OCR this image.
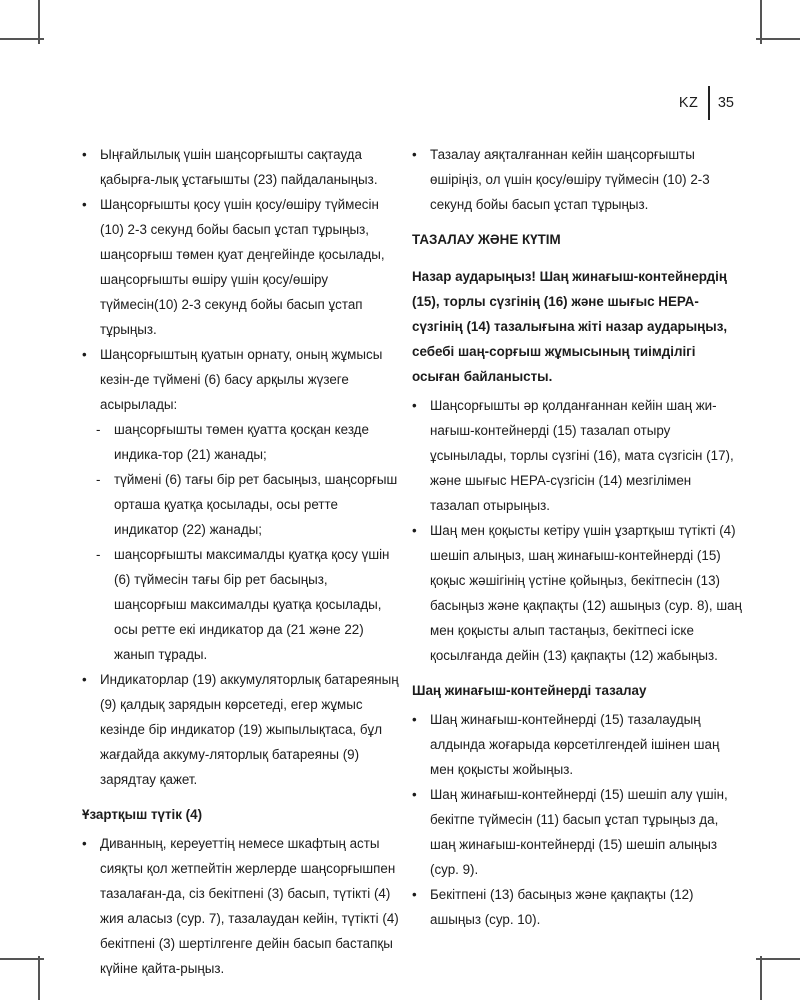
KZ	35
• Ыңғайлылық үшін шаңсорғышты сақтауда қабырға-лық ұстағышты (23) пайдаланыңыз.
• Шаңсорғышты қосу үшін қосу/өшіру түймесін (10) 2-3 секунд бойы басып ұстап тұрыңыз, шаңсорғыш төмен қуат деңгейінде қосылады, шаңсорғышты өшіру үшін қосу/өшіру түймесін(10) 2-3 секунд бойы басып ұстап тұрыңыз.
• Шаңсорғыштың қуатын орнату, оның жұмысы кезін-де түймені (6) басу арқылы жүзеге асырылады:
- шаңсорғышты төмен қуатта қосқан кезде индика-тор (21) жанады;
- түймені (6) тағы бір рет басыңыз, шаңсорғыш орташа қуатқа қосылады, осы ретте индикатор (22) жанады;
- шаңсорғышты максималды қуатқа қосу үшін (6) түймесін тағы бір рет басыңыз, шаңсорғыш максималды қуатқа қосылады, осы ретте екі индикатор да (21 және 22) жанып тұрады.
• Индикаторлар (19) аккумуляторлық батареяның (9) қалдық зарядын көрсетеді, егер жұмыс кезінде бір индикатор (19) жыпылықтаса, бұл жағдайда аккуму-ляторлық батареяны (9) зарядтау қажет.
Ұзартқыш түтік (4)
• Диванның, кереуеттің немесе шкафтың асты сияқты қол жетпейтін жерлерде шаңсорғышпен тазалаған-да, сіз бекітпені (3) басып, түтікті (4) жия аласыз (сур. 7), тазалаудан кейін, түтікті (4) бекітпені (3) шертілгенге дейін басып бастапқы күйіне қайта-рыңыз.
• Тазалау аяқталғаннан кейін шаңсорғышты өшіріңіз, ол үшін қосу/өшіру түймесін (10) 2-3 секунд бойы басып ұстап тұрыңыз.
ТАЗАЛАУ ЖӘНЕ КҮТІМ
Назар аударыңыз! Шаң жинағыш-контейнердің (15), торлы сүзгінің (16) және шығыс НЕРА-сүзгінің (14) тазалығына жіті назар аударыңыз, себебі шаң-сорғыш жұмысының тиімділігі осыған байланысты.
• Шаңсорғышты әр қолданғаннан кейін шаң жи-нағыш-контейнерді (15) тазалап отыру ұсынылады, торлы сүзгіні (16), мата сүзгісін (17), және шығыс НЕРА-сүзгісін (14) мезгілімен тазалап отырыңыз.
• Шаң мен қоқысты кетіру үшін ұзартқыш түтікті (4) шешіп алыңыз, шаң жинағыш-контейнерді (15) қоқыс жәшігінің үстіне қойыңыз, бекітпесін (13) басыңыз және қақпақты (12) ашыңыз (сур. 8), шаң мен қоқысты алып тастаңыз, бекітпесі іске қосылғанда дейін (13) қақпақты (12) жабыңыз.
Шаң жинағыш-контейнерді тазалау
• Шаң жинағыш-контейнерді (15) тазалаудың алдында жоғарыда көрсетілгендей ішінен шаң мен қоқысты жойыңыз.
• Шаң жинағыш-контейнерді (15) шешіп алу үшін, бекітпе түймесін (11) басып ұстап тұрыңыз да, шаң жинағыш-контейнерді (15) шешіп алыңыз (сур. 9).
• Бекітпені (13) басыңыз және қақпақты (12) ашыңыз (сур. 10).
